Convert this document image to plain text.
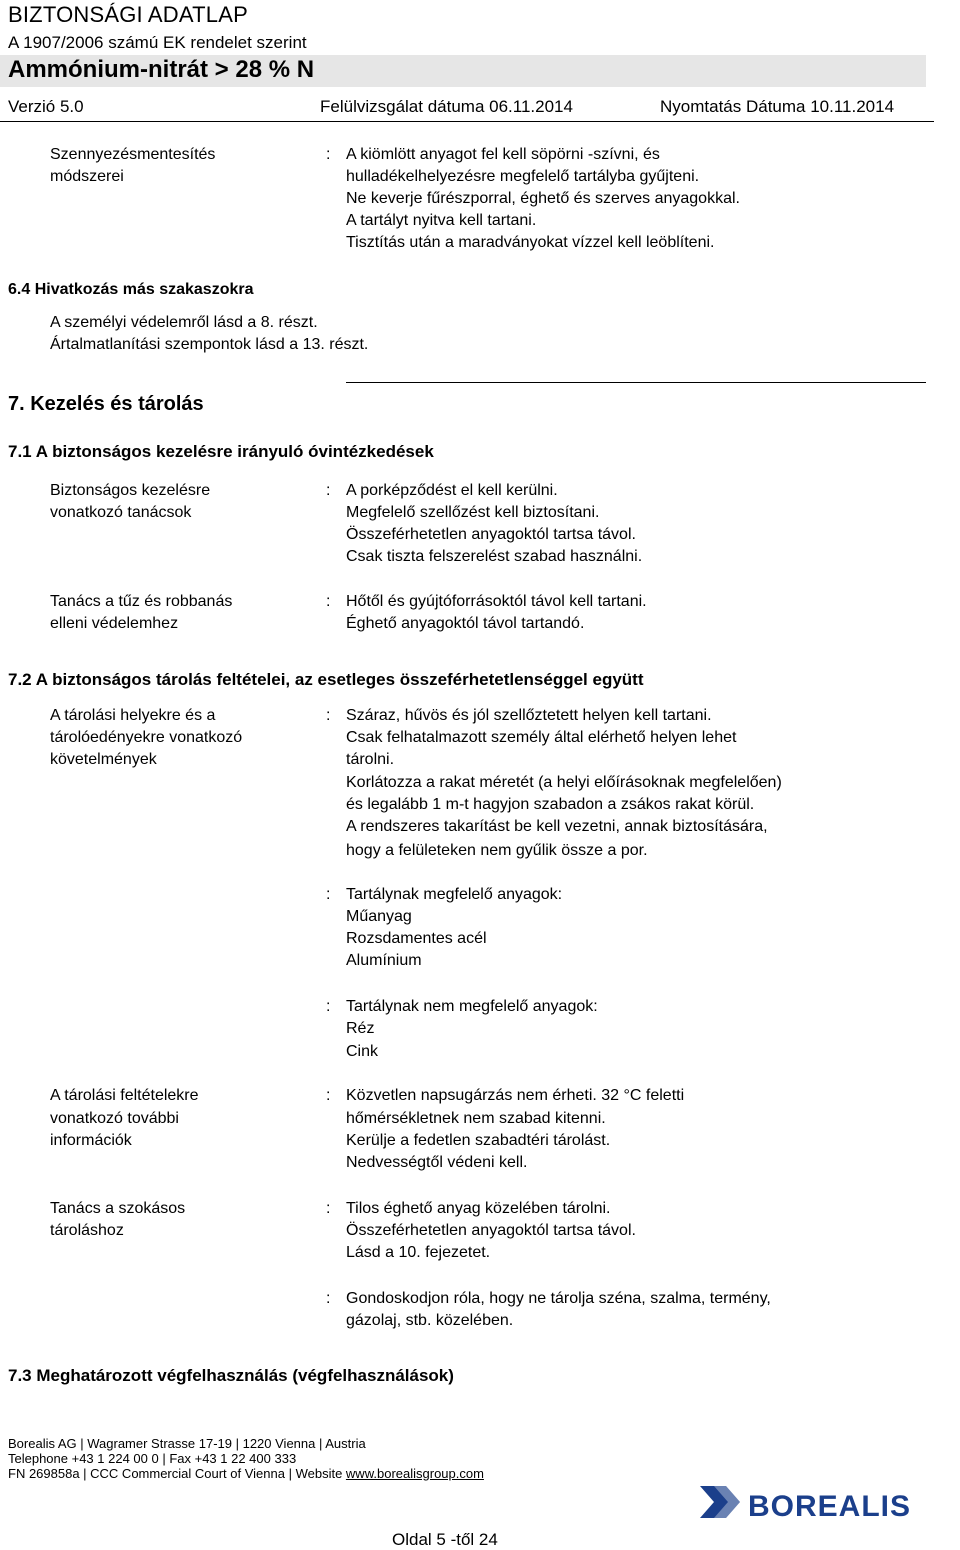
BIZTONSÁGI ADATLAP
A 1907/2006 számú EK rendelet szerint
Ammónium-nitrát > 28 % N
Verzió 5.0	Felülvizsgálat dátuma 06.11.2014	Nyomtatás Dátuma 10.11.2014
Szennyezésmentesítés
módszerei
: A kiömlött anyagot fel kell söpörni -szívni, és
hulladékelhelyezésre megfelelő tartályba gyűjteni.
Ne keverje fűrészporral, éghető és szerves anyagokkal.
A tartályt nyitva kell tartani.
Tisztítás után a maradványokat vízzel kell leöblíteni.
6.4 Hivatkozás más szakaszokra
A személyi védelemről lásd a 8. részt.
Ártalmatlanítási szempontok lásd a 13. részt.
7. Kezelés és tárolás
7.1 A biztonságos kezelésre irányuló óvintézkedések
Biztonságos kezelésre
vonatkozó tanácsok
: A porképződést el kell kerülni.
Megfelelő szellőzést kell biztosítani.
Összeférhetetlen anyagoktól tartsa távol.
Csak tiszta felszerelést szabad használni.
Tanács a tűz és robbanás
elleni védelemhez
: Hőtől és gyújtóforrásoktól távol kell tartani.
Éghető anyagoktól távol tartandó.
7.2 A biztonságos tárolás feltételei, az esetleges összeférhetetlenséggel együtt
A tárolási helyekre és a
tárolóedényekre vonatkozó
követelmények
: Száraz, hűvös és jól szellőztetett helyen kell tartani.
Csak felhatalmazott személy által elérhető helyen lehet
tárolni.
Korlátozza a rakat méretét (a helyi előírásoknak megfelelően)
és legalább 1 m-t hagyjon szabadon a zsákos rakat körül.
A rendszeres takarítást be kell vezetni, annak biztosítására,
hogy a felületeken nem gyűlik össze a por.
: Tartálynak megfelelő anyagok:
Műanyag
Rozsdamentes acél
Alumínium
: Tartálynak nem megfelelő anyagok:
Réz
Cink
A tárolási feltételekre
vonatkozó további
információk
: Közvetlen napsugárzás nem érheti. 32 °C feletti
hőmérsékletnek nem szabad kitenni.
Kerülje a fedetlen szabadtéri tárolást.
Nedvességtől védeni kell.
Tanács a szokásos
tároláshoz
: Tilos éghető anyag közelében tárolni.
Összeférhetetlen anyagoktól tartsa távol.
Lásd a 10. fejezetet.
: Gondoskodjon róla, hogy ne tárolja széna, szalma, termény,
gázolaj, stb. közelében.
7.3 Meghatározott végfelhasználás (végfelhasználások)
Borealis AG | Wagramer Strasse 17-19 | 1220 Vienna | Austria
Telephone +43 1 224 00 0 | Fax +43 1 22 400 333
FN 269858a | CCC Commercial Court of Vienna | Website www.borealisgroup.com
BOREALIS
Oldal 5 -től 24
